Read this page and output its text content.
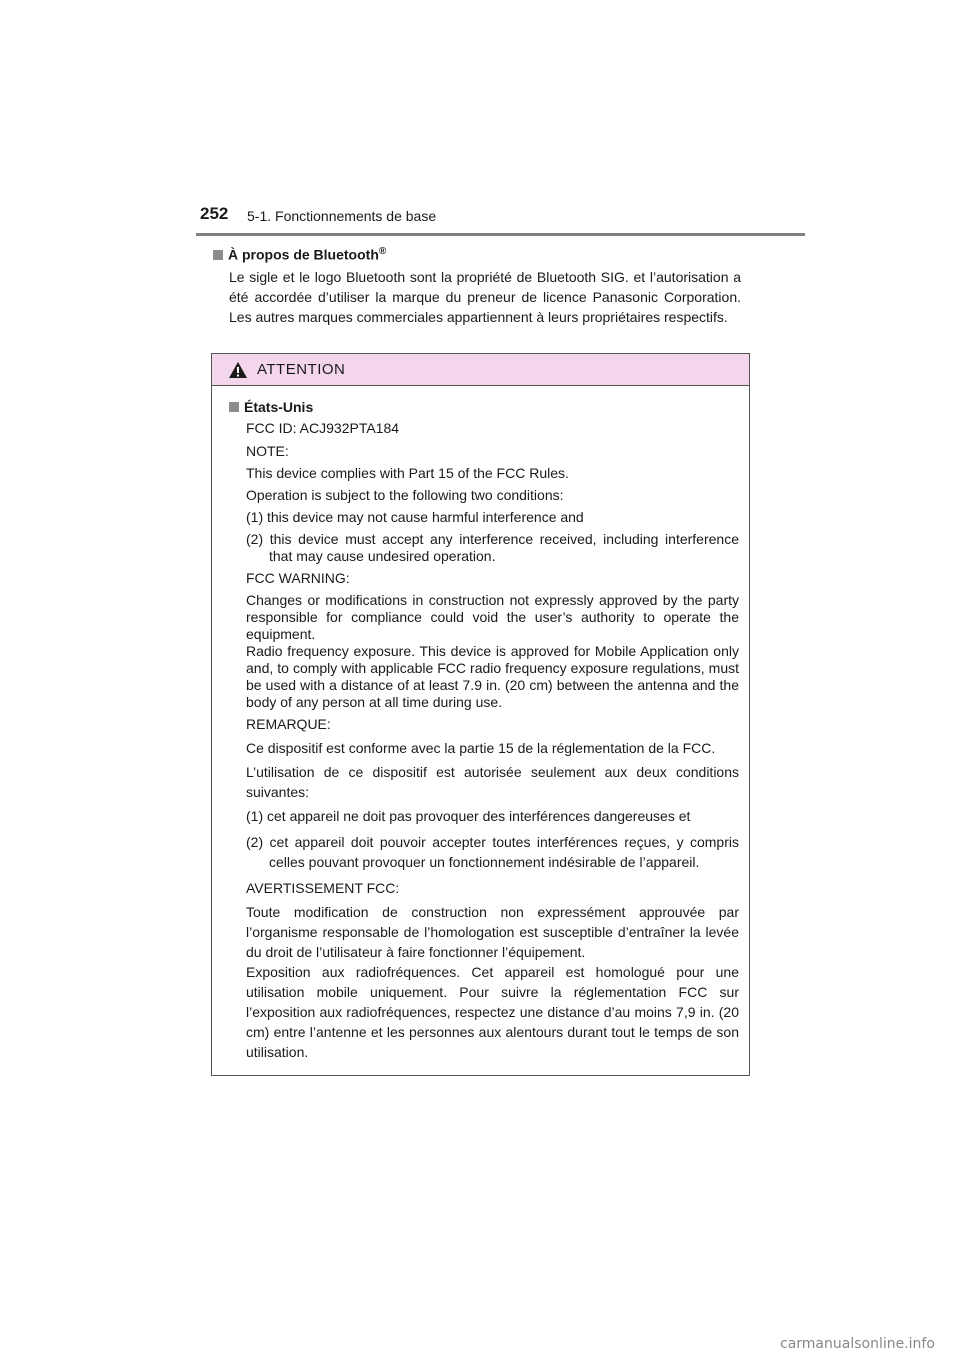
252 5-1. Fonctionnements de base
À propos de Bluetooth®

Le sigle et le logo Bluetooth sont la propriété de Bluetooth SIG. et l’autorisation a été accordée d’utiliser la marque du preneur de licence Panasonic Corporation. Les autres marques commerciales appartiennent à leurs propriétaires respectifs.

ATTENTION
États-Unis

FCC ID: ACJ932PTA184

NOTE:

This device complies with Part 15 of the FCC Rules.

Operation is subject to the following two conditions:

(1) this device may not cause harmful interference and

(2) this device must accept any interference received, including interference that may cause undesired operation.

FCC WARNING:

Changes or modifications in construction not expressly approved by the party responsible for compliance could void the user’s authority to operate the equipment.

Radio frequency exposure. This device is approved for Mobile Application only and, to comply with applicable FCC radio frequency exposure regulations, must be used with a distance of at least 7.9 in. (20 cm) between the antenna and the body of any person at all time during use.

REMARQUE:

Ce dispositif est conforme avec la partie 15 de la réglementation de la FCC.

L’utilisation de ce dispositif est autorisée seulement aux deux conditions suivantes:

(1) cet appareil ne doit pas provoquer des interférences dangereuses et

(2) cet appareil doit pouvoir accepter toutes interférences reçues, y compris celles pouvant provoquer un fonctionnement indésirable de l’appareil.

AVERTISSEMENT FCC:

Toute modification de construction non expressément approuvée par l’organisme responsable de l’homologation est susceptible d’entraîner la levée du droit de l’utilisateur à faire fonctionner l’équipement.

Exposition aux radiofréquences. Cet appareil est homologué pour une utilisation mobile uniquement. Pour suivre la réglementation FCC sur l’exposition aux radiofréquences, respectez une distance d’au moins 7,9 in. (20 cm) entre l’antenne et les personnes aux alentours durant tout le temps de son utilisation.

carmanualsonline.info
